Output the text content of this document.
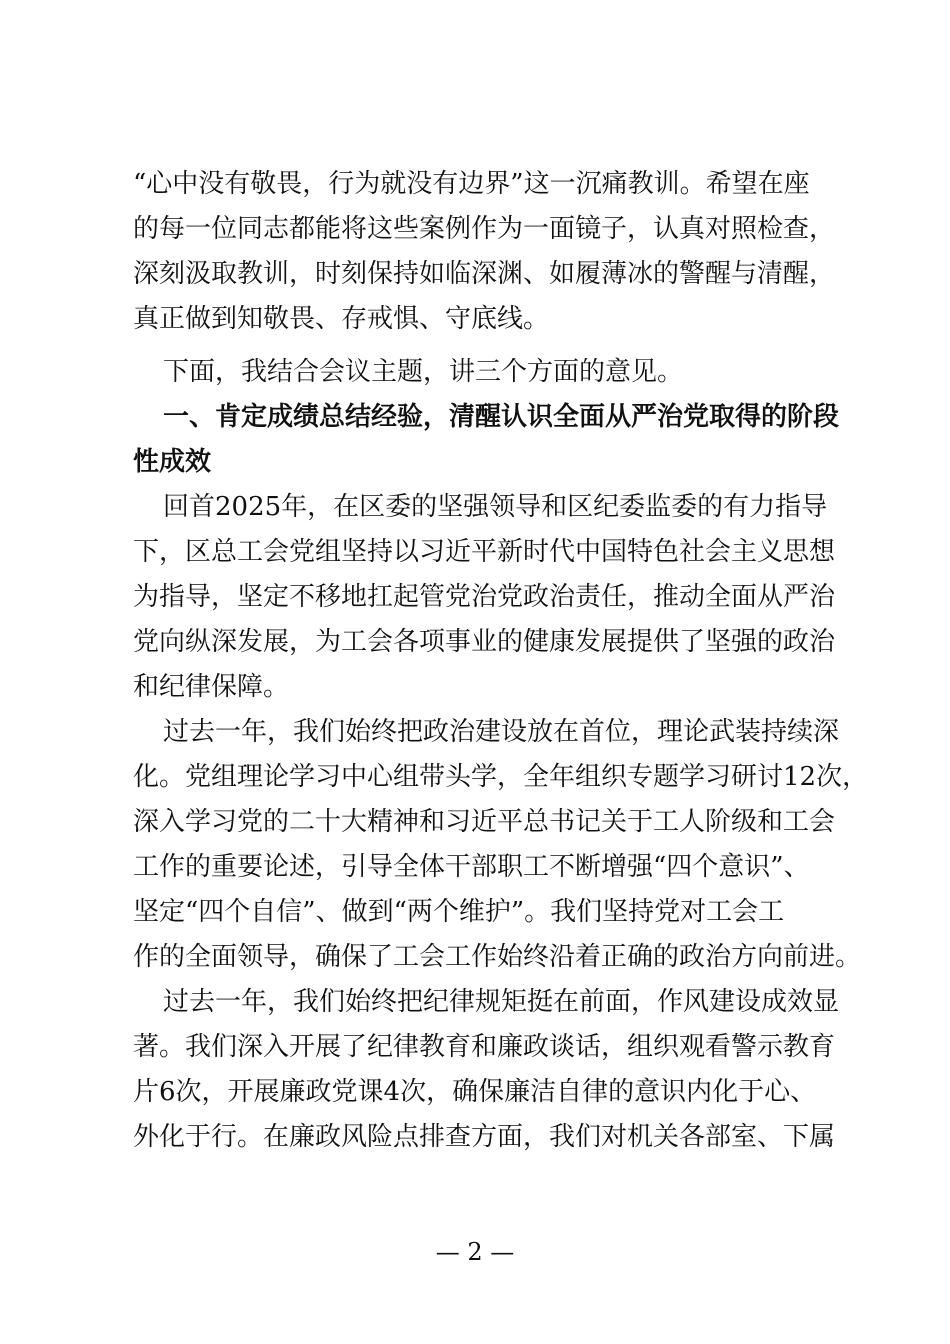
“心中没有敬畏，行为就没有边界”这一沉痛教训。希望在座
的每一位同志都能将这些案例作为一面镜子，认真对照检查，
深刻汲取教训，时刻保持如临深渊、如履薄冰的警醒与清醒，
真正做到知敬畏、存戒惧、守底线。
下面，我结合会议主题，讲三个方面的意见。
一、肯定成绩总结经验，清醒认识全面从严治党取得的阶段
性成效
回首2025年，在区委的坚强领导和区纪委监委的有力指导
下，区总工会党组坚持以习近平新时代中国特色社会主义思想
为指导，坚定不移地扛起管党治党政治责任，推动全面从严治
党向纵深发展，为工会各项事业的健康发展提供了坚强的政治
和纪律保障。
过去一年，我们始终把政治建设放在首位，理论武装持续深
化。党组理论学习中心组带头学，全年组织专题学习研讨12次，
深入学习党的二十大精神和习近平总书记关于工人阶级和工会
工作的重要论述，引导全体干部职工不断增强“四个意识”、
坚定“四个自信”、做到“两个维护”。我们坚持党对工会工
作的全面领导，确保了工会工作始终沿着正确的政治方向前进。
过去一年，我们始终把纪律规矩挺在前面，作风建设成效显
著。我们深入开展了纪律教育和廉政谈话，组织观看警示教育
片6次，开展廉政党课4次，确保廉洁自律的意识内化于心、
外化于行。在廉政风险点排查方面，我们对机关各部室、下属
— 2 —
